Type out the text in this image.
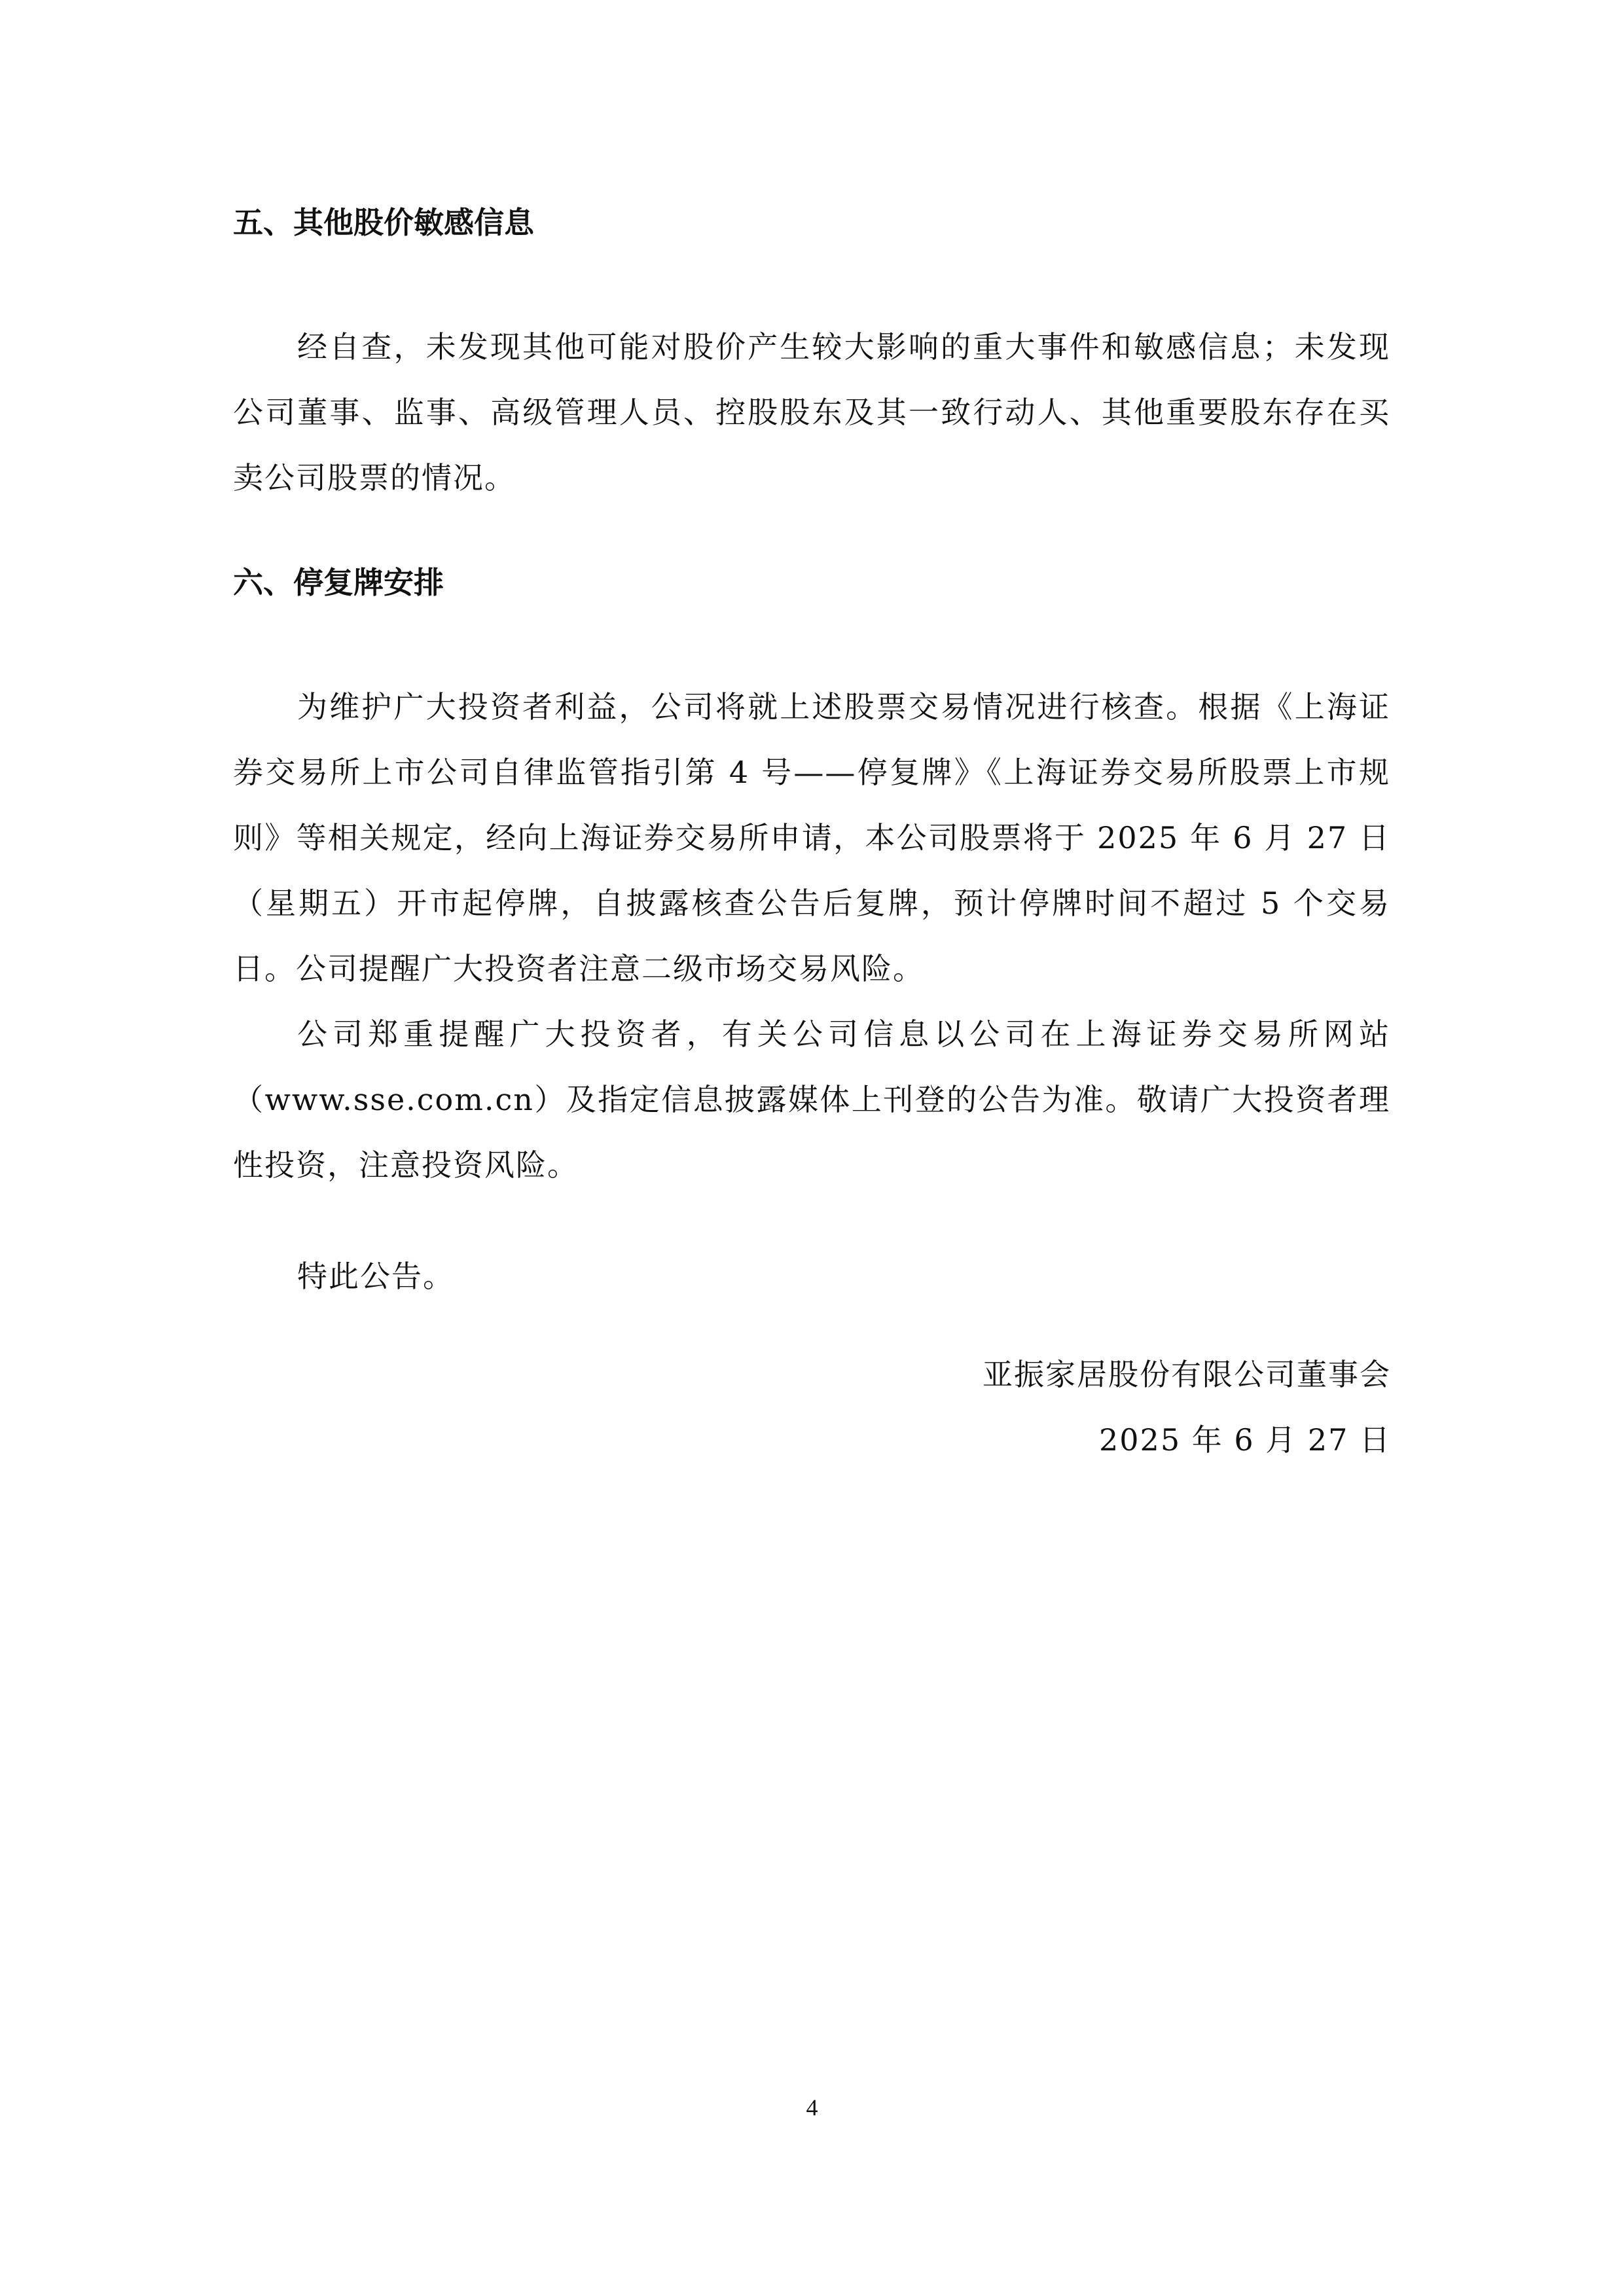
五、其他股价敏感信息

经自查，未发现其他可能对股价产生较大影响的重大事件和敏感信息；未发现公司董事、监事、高级管理人员、控股股东及其一致行动人、其他重要股东存在买卖公司股票的情况。

六、停复牌安排

为维护广大投资者利益，公司将就上述股票交易情况进行核查。根据《上海证券交易所上市公司自律监管指引第 4 号——停复牌》《上海证券交易所股票上市规则》等相关规定，经向上海证券交易所申请，本公司股票将于 2025 年 6 月 27 日（星期五）开市起停牌，自披露核查公告后复牌，预计停牌时间不超过 5 个交易日。公司提醒广大投资者注意二级市场交易风险。

公司郑重提醒广大投资者，有关公司信息以公司在上海证券交易所网站（www.sse.com.cn）及指定信息披露媒体上刊登的公告为准。敬请广大投资者理性投资，注意投资风险。

特此公告。

亚振家居股份有限公司董事会
2025 年 6 月 27 日
4
